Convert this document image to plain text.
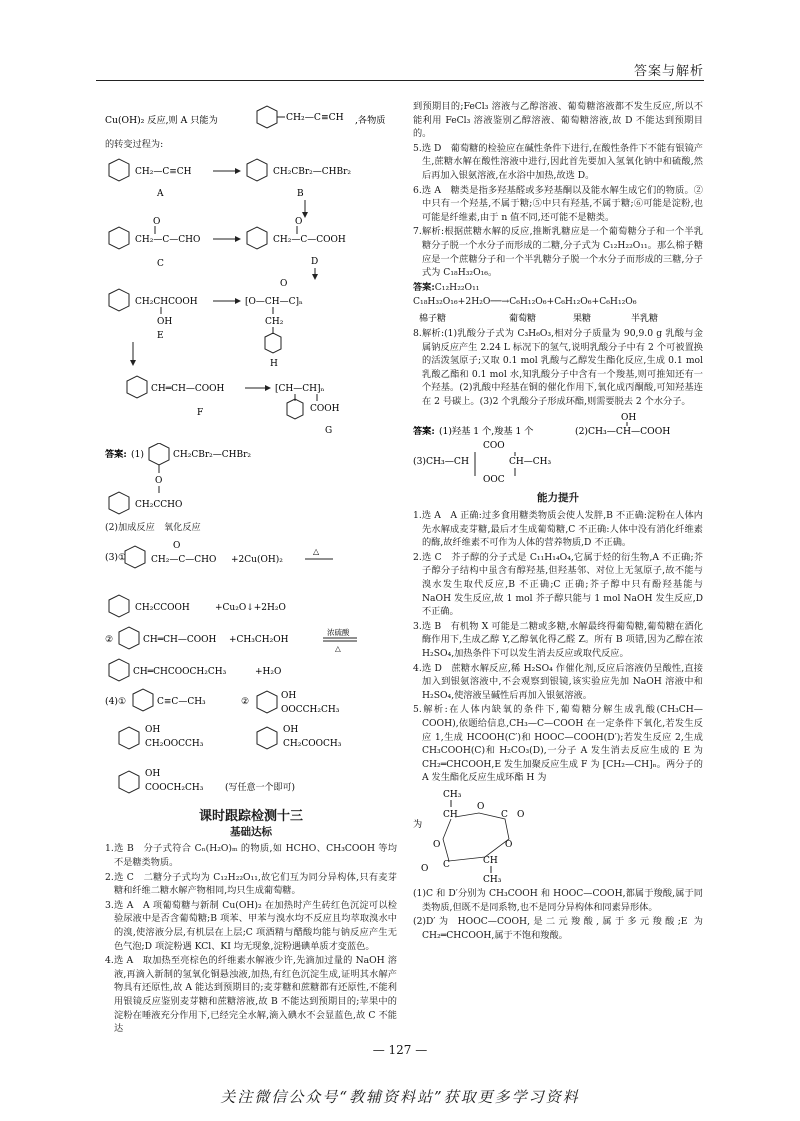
答案与解析
Cu(OH)₂ 反应,则 A 只能为	CH₂—C≡CH ,各物质
的转变过程为:
CH₂—C≡CH
A
CH₂CBr₂—CHBr₂
B
O
CH₂—C—CHO
C
O
CH₂—C—COOH
D
CH₂CHCOOH
OH
E
[O—CH—C]ₙ
O
CH₂
H
CH═CH—COOH
F
[CH—CH]ₙ
COOH
G
答案: (1)	CH₂CBr₂—CHBr₂
O
CH₂CCHO
(2)加成反应　氧化反应
(3)①
O
CH₂—C—CHO +2Cu(OH)₂
△
CH₂CCOOH	+Cu₂O↓+2H₂O
②	CH═CH—COOH +CH₃CH₂OH
浓硫酸
△
CH═CHCOOCH₂CH₃	+H₂O
(4)①	C≡C—CH₃	②	OH
OOCCH₂CH₃
OH
CH₂OOCCH₃
OH
CH₂COOCH₃
OH
COOCH₂CH₃ (写任意一个即可)
课时跟踪检测十三
基础达标
1.选 B　分子式符合 Cₙ(H₂O)ₘ 的物质,如 HCHO、CH₃COOH 等均不是糖类物质。
2.选 C　二糖分子式均为 C₁₂H₂₂O₁₁,故它们互为同分异构体,只有麦芽糖和纤维二糖水解产物相同,均只生成葡萄糖。
3.选 A　A 项葡萄糖与新制 Cu(OH)₂ 在加热时产生砖红色沉淀可以检验尿液中是否含葡萄糖;B 项苯、甲苯与溴水均不反应且均萃取溴水中的溴,使溶液分层,有机层在上层;C 项酒精与醋酸均能与钠反应产生无色气泡;D 项淀粉遇 KCl、KI 均无现象,淀粉遇碘单质才变蓝色。
4.选 A　取加热至亮棕色的纤维素水解液少许,先滴加过量的 NaOH 溶液,再滴入新制的氢氧化铜悬浊液,加热,有红色沉淀生成,证明其水解产物具有还原性,故 A 能达到预期目的;麦芽糖和蔗糖都有还原性,不能利用银镜反应鉴别麦芽糖和蔗糖溶液,故 B 不能达到预期目的;苹果中的淀粉在唾液充分作用下,已经完全水解,滴入碘水不会显蓝色,故 C 不能达
到预期目的;FeCl₃ 溶液与乙醇溶液、葡萄糖溶液都不发生反应,所以不能利用 FeCl₃ 溶液鉴别乙醇溶液、葡萄糖溶液,故 D 不能达到预期目的。
5.选 D　葡萄糖的检验应在碱性条件下进行,在酸性条件下不能有银镜产生,蔗糖水解在酸性溶液中进行,因此首先要加入氢氧化钠中和硫酸,然后再加入银氨溶液,在水浴中加热,故选 D。
6.选 A　糖类是指多羟基醛或多羟基酮以及能水解生成它们的物质。②中只有一个羟基,不属于糖;⑤中只有羟基,不属于糖;⑥可能是淀粉,也可能是纤维素,由于 n 值不同,还可能不是糖类。
7.解析:根据蔗糖水解的反应,推断乳糖应是一个葡萄糖分子和一个半乳糖分子脱一个水分子而形成的二糖,分子式为 C₁₂H₂₂O₁₁。那么棉子糖应是一个蔗糖分子和一个半乳糖分子脱一个水分子而形成的三糖,分子式为 C₁₈H₃₂O₁₆。
答案:C₁₂H₂₂O₁₁
C₁₈H₃₂O₁₆+2H₂O──→C₆H₁₂O₆+C₆H₁₂O₆+C₆H₁₂O₆
棉子糖	葡萄糖	果糖	半乳糖
8.解析:(1)乳酸分子式为 C₃H₆O₃,相对分子质量为 90,9.0 g 乳酸与金属钠反应产生 2.24 L 标况下的氢气,说明乳酸分子中有 2 个可被置换的活泼氢原子;又取 0.1 mol 乳酸与乙醇发生酯化反应,生成 0.1 mol 乳酸乙酯和 0.1 mol 水,知乳酸分子中含有一个羧基,则可推知还有一个羟基。(2)乳酸中羟基在铜的催化作用下,氧化成丙酮酸,可知羟基连在 2 号碳上。(3)2 个乳酸分子形成环酯,则需要脱去 2 个水分子。
答案: (1)羟基 1 个,羧基 1 个	(2)CH₃—CH—COOH
OH
COO
(3)CH₃—CH	CH—CH₃
OOC
能力提升
1.选 A　A 正确:过多食用糖类物质会使人发胖,B 不正确:淀粉在人体内先水解成麦芽糖,最后才生成葡萄糖,C 不正确:人体中没有消化纤维素的酶,故纤维素不可作为人体的营养物质,D 不正确。
2.选 C　芥子醇的分子式是 C₁₁H₁₄O₄,它属于烃的衍生物,A 不正确;芥子醇分子结构中虽含有醇羟基,但羟基邻、对位上无氢原子,故不能与溴水发生取代反应,B 不正确;C 正确;芥子醇中只有酚羟基能与 NaOH 发生反应,故 1 mol 芥子醇只能与 1 mol NaOH 发生反应,D 不正确。
3.选 B　有机物 X 可能是二糖或多糖,水解最终得葡萄糖,葡萄糖在酒化酶作用下,生成乙醇 Y,乙醇氧化得乙醛 Z。所有 B 项错,因为乙醇在浓 H₂SO₄,加热条件下可以发生消去反应或取代反应。
4.选 D　蔗糖水解反应,稀 H₂SO₄ 作催化剂,反应后溶液仍呈酸性,直接加入到银氨溶液中,不会观察到银镜,该实验应先加 NaOH 溶液中和 H₂SO₄,使溶液呈碱性后再加入银氨溶液。
5.解析:在人体内缺氧的条件下,葡萄糖分解生成乳酸(CH₃CH—COOH),依题给信息,CH₃—C—COOH 在一定条件下氧化,若发生反应 1,生成 HCOOH(C′)和 HOOC—COOH(D′);若发生反应 2,生成 CH₃COOH(C)和 H₂CO₃(D),一分子 A 发生消去反应生成的 E 为 CH₂═CHCOOH,E 发生加聚反应生成 F 为 [CH₂—CH]ₙ。两分子的 A 发生酯化反应生成环酯 H 为
为
CH₃
CH
O
C O
O	O
C
O
CH
CH₃
(1)C 和 D′分别为 CH₃COOH 和 HOOC—COOH,都属于羧酸,属于同类物质,但既不是同系物,也不是同分异构体和同素异形体。
(2)D′为 HOOC—COOH,是二元羧酸,属于多元羧酸;E 为 CH₂═CHCOOH,属于不饱和羧酸。
— 127 —
关注微信公众号“教辅资料站”获取更多学习资料
